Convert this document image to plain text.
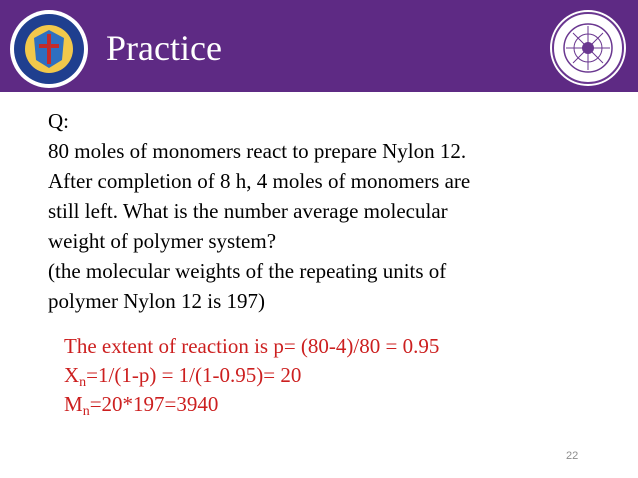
Practice
Q:
80 moles of monomers react to prepare Nylon 12.
After completion of 8 h, 4 moles of monomers are
still left. What is the number average molecular
weight of polymer system?
(the molecular weights of the repeating units of
polymer Nylon 12 is 197)
The extent of reaction is p= (80-4)/80 = 0.95
$X_n=1/(1-p) = 1/(1-0.95)= 20$
$M_n=20*197=3940$
22
